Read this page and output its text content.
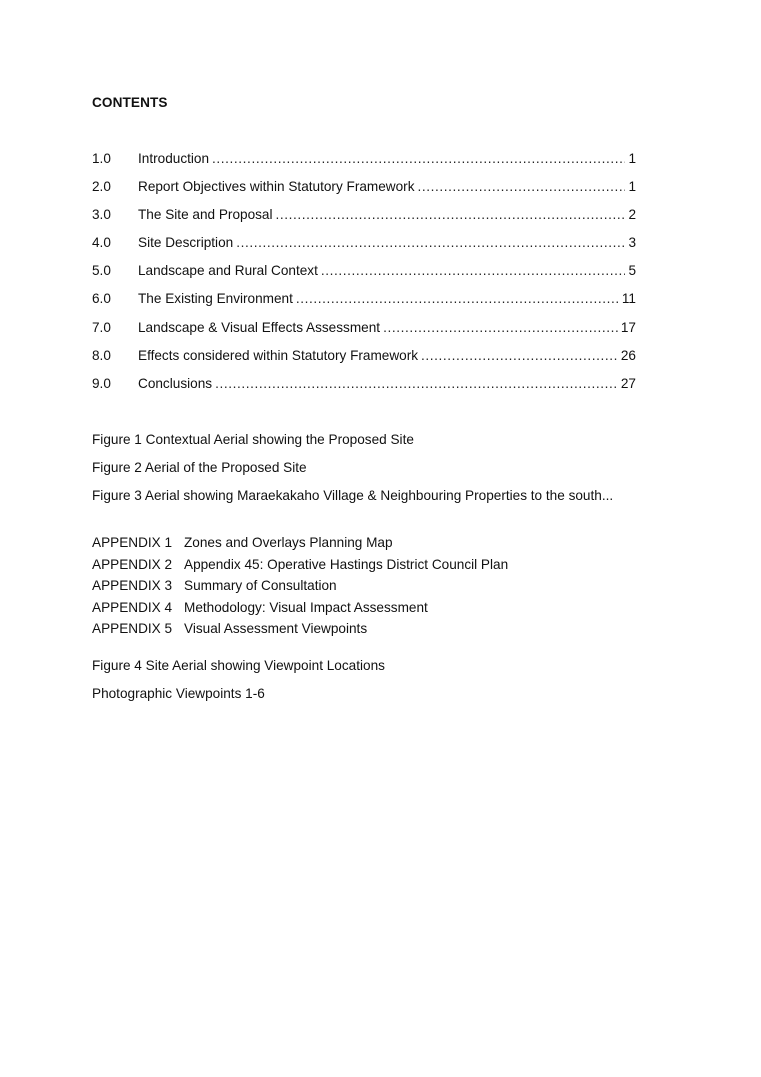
CONTENTS
1.0	Introduction .....	1
2.0	Report Objectives within Statutory Framework .....	1
3.0	The Site and Proposal .....	2
4.0	Site Description .....	3
5.0	Landscape and Rural Context .....	5
6.0	The Existing Environment .....	11
7.0	Landscape & Visual Effects Assessment .....	17
8.0	Effects considered within Statutory Framework .....	26
9.0	Conclusions .....	27
Figure 1 Contextual Aerial showing the Proposed Site
Figure 2 Aerial of the Proposed Site
Figure 3 Aerial showing Maraekakaho Village & Neighbouring Properties to the south...
APPENDIX 1 Zones and Overlays Planning Map
APPENDIX 2 Appendix 45: Operative Hastings District Council Plan
APPENDIX 3 Summary of Consultation
APPENDIX 4 Methodology: Visual Impact Assessment
APPENDIX 5 Visual Assessment Viewpoints
Figure 4 Site Aerial showing Viewpoint Locations
Photographic Viewpoints 1-6
